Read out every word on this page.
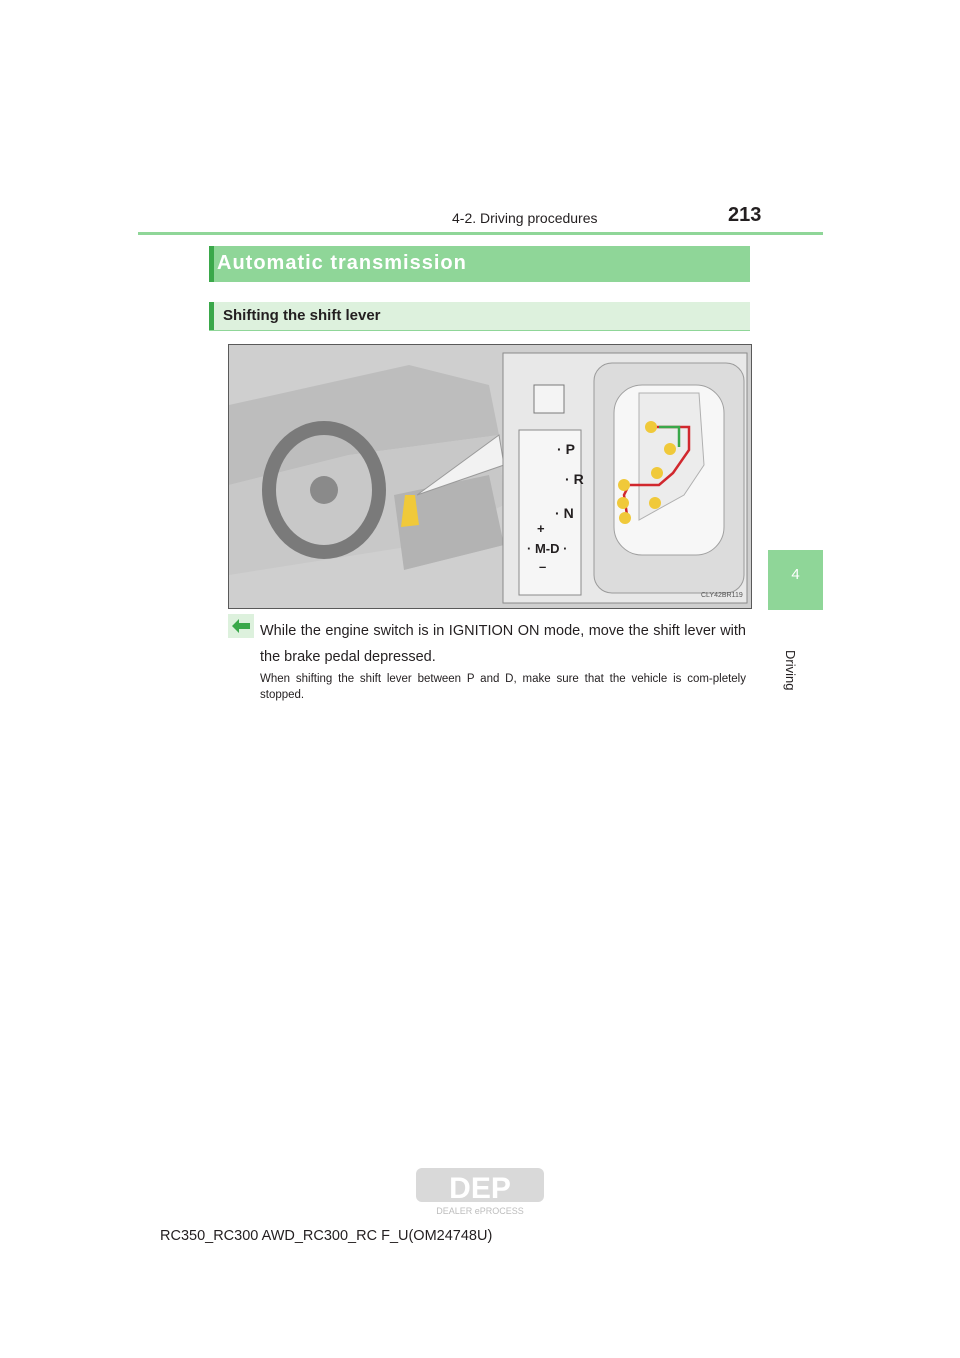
4-2. Driving procedures	213
4
Driving
Automatic transmission
Shifting the shift lever
· P
· R
· N
+
· M-D ·
–
CLY42BR119
While the engine switch is in IGNITION ON mode, move the shift lever with the brake pedal depressed.
When shifting the shift lever between P and D, make sure that the vehicle is com-pletely stopped.
DEP
DEALER ePROCESS
RC350_RC300 AWD_RC300_RC F_U(OM24748U)
